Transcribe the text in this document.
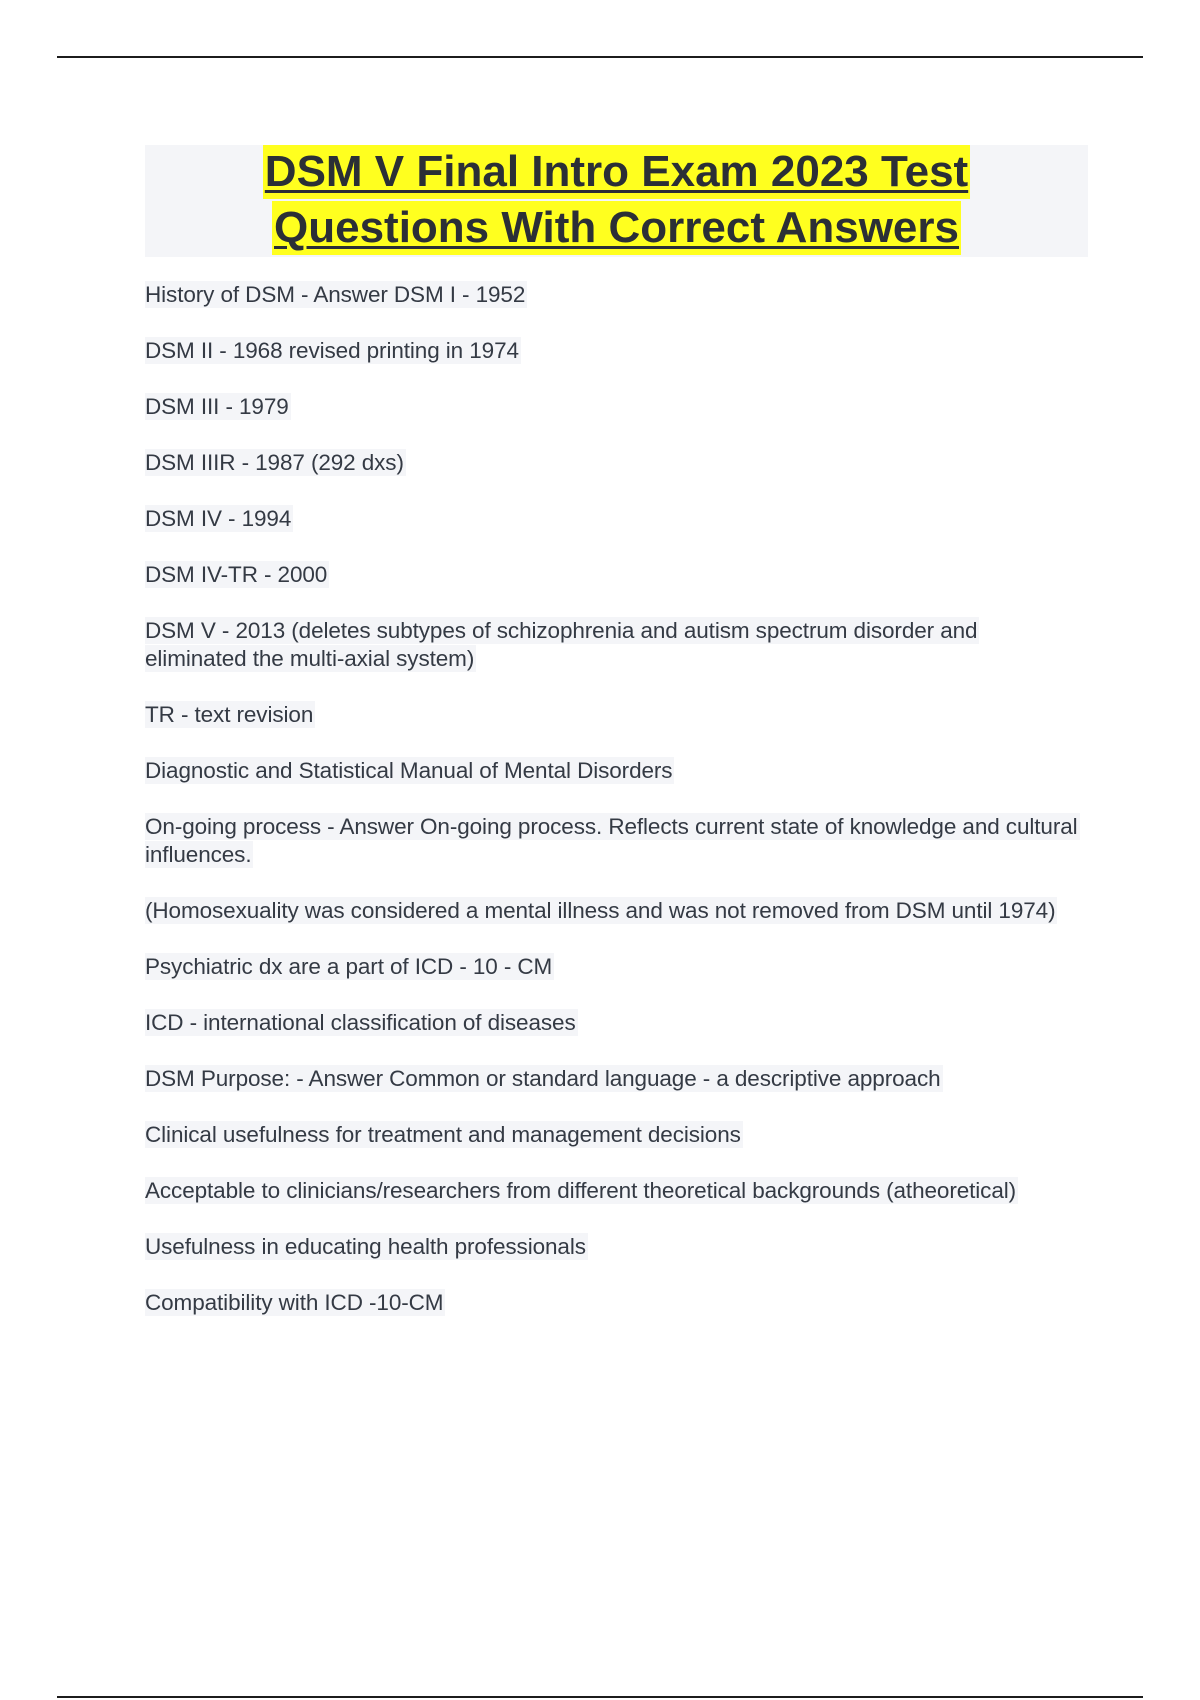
DSM V Final Intro Exam 2023 Test
Questions With Correct Answers

History of DSM - Answer DSM I - 1952

DSM II - 1968 revised printing in 1974

DSM III - 1979

DSM IIIR - 1987 (292 dxs)

DSM IV - 1994

DSM IV-TR - 2000

DSM V - 2013 (deletes subtypes of schizophrenia and autism spectrum disorder and eliminated the multi-axial system)

TR - text revision

Diagnostic and Statistical Manual of Mental Disorders

On-going process - Answer On-going process. Reflects current state of knowledge and cultural influences.

(Homosexuality was considered a mental illness and was not removed from DSM until 1974)

Psychiatric dx are a part of ICD - 10 - CM

ICD - international classification of diseases

DSM Purpose: - Answer Common or standard language - a descriptive approach

Clinical usefulness for treatment and management decisions

Acceptable to clinicians/researchers from different theoretical backgrounds (atheoretical)

Usefulness in educating health professionals

Compatibility with ICD -10-CM
